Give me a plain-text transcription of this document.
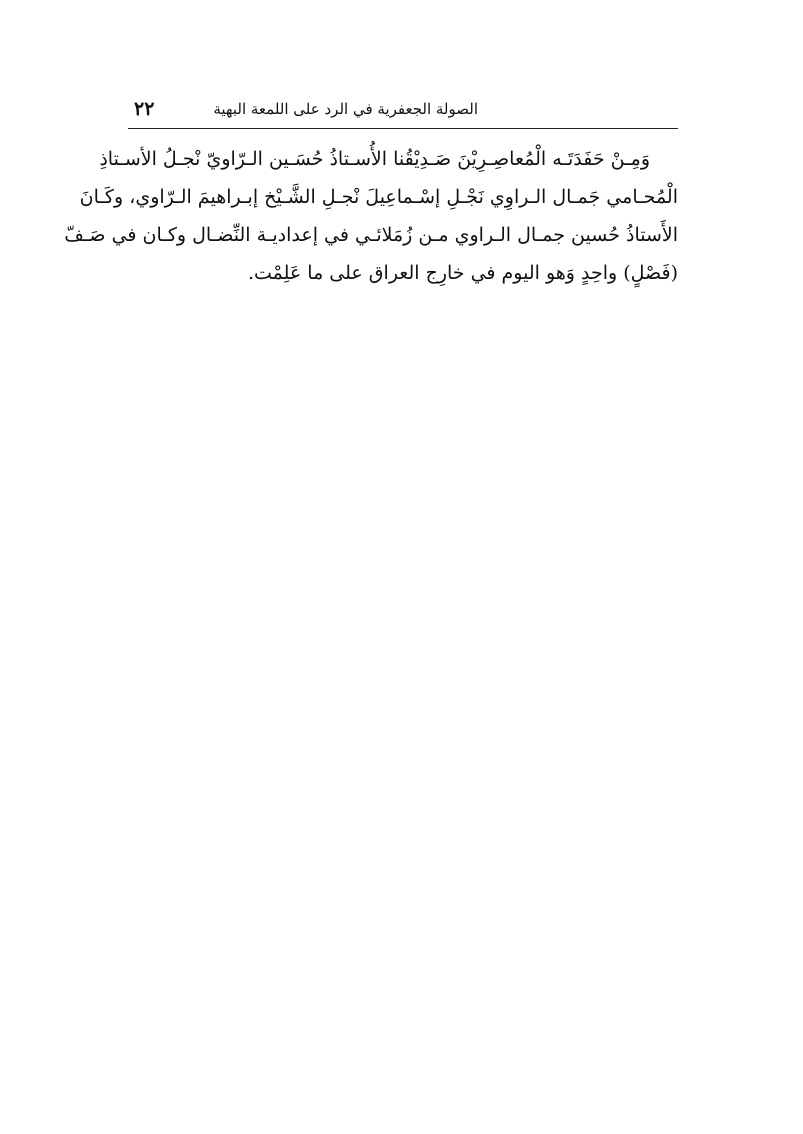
الصولة الجعفرية في الرد على اللمعة البهية
٢٢
وَمِـنْ حَفَدَتَـه الْمُعاصِـرِيْنَ صَـدِيْقُنا الأُسـتاذُ حُسَـين الـرّاويّ نْجـلُ الأسـتاذِ
الْمُحـامي جَمـال الـراوِي نَجْـلِ إسْـماعِيلَ نْجـلِ الشَّـيْخ إبـراهيمَ الـرّاوي، وكَـانَ
الأَستاذُ حُسين جمـال الـراوي مـن زُمَلائـي في إعداديـة النِّضـال وكـان في صَـفّ
(فَصْلٍ) واحِدٍ وَهو اليوم في خارِج العراق على ما عَلِمْت.
